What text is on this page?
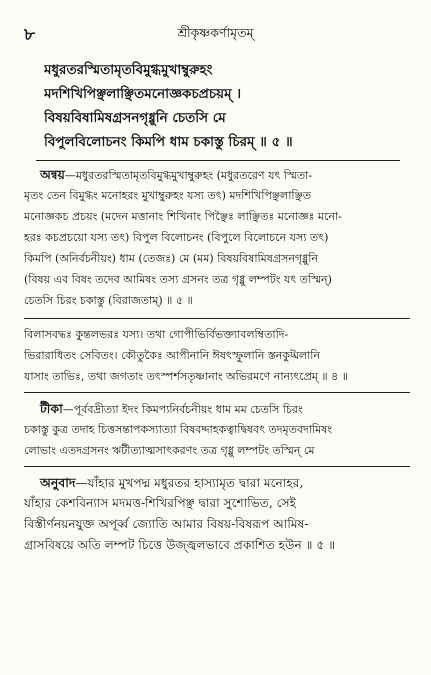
৮	শ্রীকৃষ্ণকর্ণামৃতম্
মধুরতরস্মিতামৃতবিমুগ্ধমুখাম্বুরুহং
মদশিখিপিঞ্ছলাঞ্ছিতমনোজ্ঞকচপ্রচয়ম্ ।
বিষয়বিষামিষগ্রসনগৃধ্নুনি চেতসি মে
বিপুলবিলোচনং কিমপি ধাম চকাস্তু চিরম্ ॥ ৫ ॥
অন্বয়—মধুরতরস্মিতামৃতবিমুগ্ধমুখাম্বুরুহং (মধুরতরেণ যৎ স্মিতা-
মৃতং তেন বিমুগ্ধং মনোহরং মুখাম্বুরুহং যস্য তৎ) মদশিখিপিঞ্ছলাঞ্ছিত
মনোজ্ঞকচ প্রচয়ং (মদেন মত্তানাং শিখিনাং পিঞ্ছৈঃ লাঞ্ছিতঃ মনোজ্ঞঃ মনো-
হরঃ কচপ্রচয়ো যস্য তৎ) বিপুল বিলোচনং (বিপুলে বিলোচনে যস্য তৎ)
কিমপি (অনির্বচনীয়ং) ধাম (তেজঃ) মে (মম) বিষয়বিষামিষগ্রসনগৃধ্নুনি
(বিষয় এব বিষং তদেব আমিষং তস্য গ্রসনং তত্র গৃধ্নু লম্পটং যৎ তস্মিন্)
চেতসি চিরং চকাস্তু (বিরাজতাম্) ॥ ৫ ॥
বিলাসবদ্ধঃ কুন্তলভরঃ যস্য। তথা গোপীভির্বিভক্ত্যাবলম্বিতাদি-
ভিরারাধিতং সেবিতং। কৌতুকৈঃ আপীনানি ঈষৎস্ফুলানি স্তনকুট্মলানি
যাসাং তাভিঃ, তথা জগতাং তৎস্পর্শসতৃষ্ণানাং অভিরমণে নান্যৎপ্রেম্ ॥ ৪ ॥
টীকা—পূর্ববদ্রীত্যা ইদং কিমপ্যনির্বচনীয়ং ধাম মম চেতসি চিরং
চকাস্তু কুত্র তদাহ চিত্তসন্তাপকস্যাত্যা বিষবদ্দাহকত্বাদ্বিষবৎ তদমৃতবদামিষং
লোভাং এতদগ্রসনং ঋটীত্যাত্মসাৎকরণং তত্র গৃধ্নু লম্পটং তস্মিন্ মে
অনুবাদ—যাঁহার মুখপদ্ম মধুরতর হাস্যামৃত দ্বারা মনোহর,
যাঁহার কেশবিন্যাস মদমত্ত-শিখিরপিঞ্ছ দ্বারা সুশোভিত, সেই
বিস্তীর্ণনয়নযুক্ত অপূর্ব্ব জ্যোতি আমার বিষয়-বিষরূপ আমিষ-
গ্রাসবিষয়ে অতি লম্পট চিত্তে উজ্জ্বলভাবে প্রকাশিত হউন ॥ ৫ ॥
